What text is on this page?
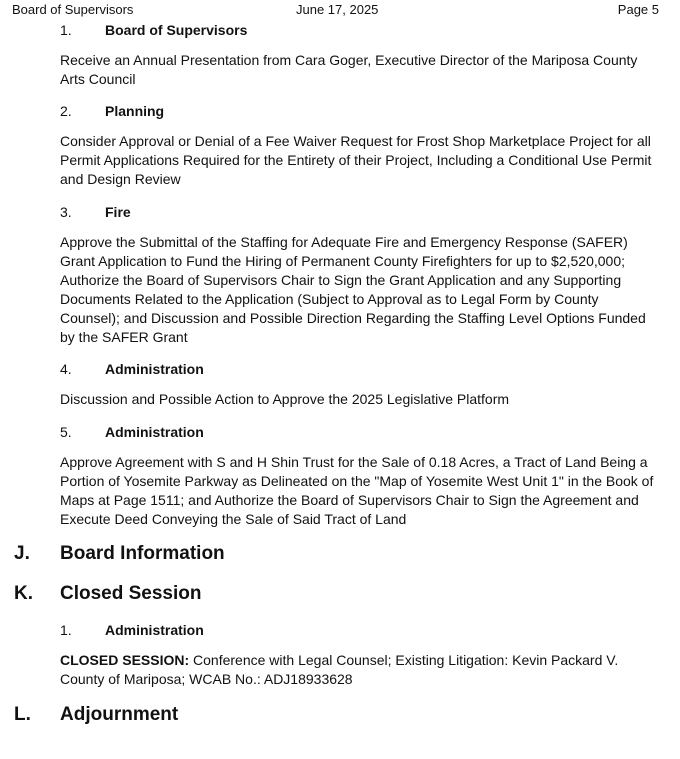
Board of Supervisors	June 17, 2025	Page 5
1. Board of Supervisors
Receive an Annual Presentation from Cara Goger, Executive Director of the Mariposa County Arts Council
2. Planning
Consider Approval or Denial of a Fee Waiver Request for Frost Shop Marketplace Project for all Permit Applications Required for the Entirety of their Project, Including a Conditional Use Permit and Design Review
3. Fire
Approve the Submittal of the Staffing for Adequate Fire and Emergency Response (SAFER) Grant Application to Fund the Hiring of Permanent County Firefighters for up to $2,520,000; Authorize the Board of Supervisors Chair to Sign the Grant Application and any Supporting Documents Related to the Application (Subject to Approval as to Legal Form by County Counsel); and Discussion and Possible Direction Regarding the Staffing Level Options Funded by the SAFER Grant
4. Administration
Discussion and Possible Action to Approve the 2025 Legislative Platform
5. Administration
Approve Agreement with S and H Shin Trust for the Sale of 0.18 Acres, a Tract of Land Being a Portion of Yosemite Parkway as Delineated on the "Map of Yosemite West Unit 1" in the Book of Maps at Page 1511; and Authorize the Board of Supervisors Chair to Sign the Agreement and Execute Deed Conveying the Sale of Said Tract of Land
J. Board Information
K. Closed Session
1. Administration
CLOSED SESSION: Conference with Legal Counsel; Existing Litigation: Kevin Packard V. County of Mariposa; WCAB No.: ADJ18933628
L. Adjournment
